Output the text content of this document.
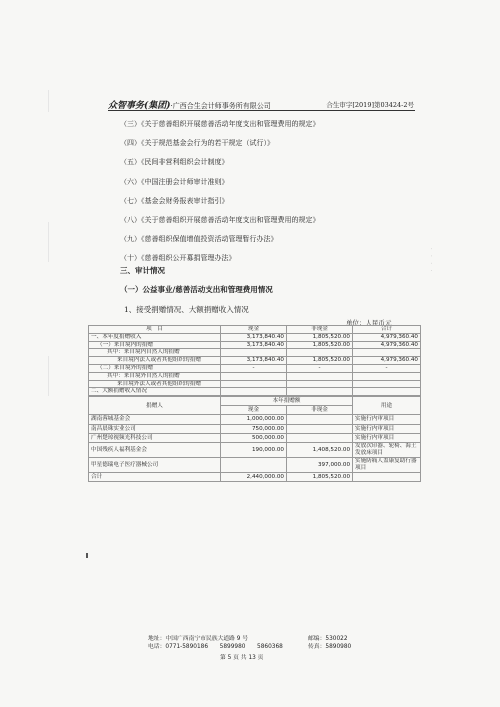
众智事务(集团)·广西合生会计师事务所有限公司	合生审字[2019]第03424-2号
（三）《关于慈善组织开展慈善活动年度支出和管理费用的规定》
（四）《关于规范基金会行为的若干规定（试行）》
（五）《民间非营利组织会计制度》
（六）《中国注册会计师审计准则》
（七）《基金会财务报表审计指引》
（八）《关于慈善组织开展慈善活动年度支出和管理费用的规定》
（九）《慈善组织保值增值投资活动管理暂行办法》
（十）《慈善组织公开募捐管理办法》
三、审计情况
（一）公益事业/慈善活动支出和管理费用情况
1、接受捐赠情况、大额捐赠收入情况
单位：人民币元
项　目	现金	非现金	合计
一、本年度捐赠收入	3,173,840.40	1,805,520.00	4,979,360.40
（一）来自境内的捐赠	3,173,840.40	1,805,520.00	4,979,360.40
其中：来自境内自然人的捐赠			
来自境内法人或者其他组织的捐赠	3,173,840.40	1,805,520.00	4,979,360.40
（二）来自境外的捐赠	-	-	-
其中：来自境外自然人的捐赠			
来自境外法人或者其他组织的捐赠			
二、大额捐赠收入情况			
捐赠人	本年捐赠额		用途
	现金	非现金	
湖南蓉城基金会	1,000,000.00		实施行内审项目
南昌晨珠实业公司	750,000.00		实施行内审项目
广州楚琼视频光科技公司	500,000.00		实施行内审项目
中国残疾人福利基金会	190,000.00	1,408,520.00	发放次印器、轮椅、海土发放床项目
甲星德瑞电子医疗器械公司		397,000.00	实施防痛人盖康复助行器项目
合计	2,440,000.00	1,805,520.00	
· · · ·
地址：中国广西南宁市民族大道路 9 号	邮编：530022
电话：0771-5890186　　5899980　　5860368	传真：5890980
第 5 页 共 13 页
